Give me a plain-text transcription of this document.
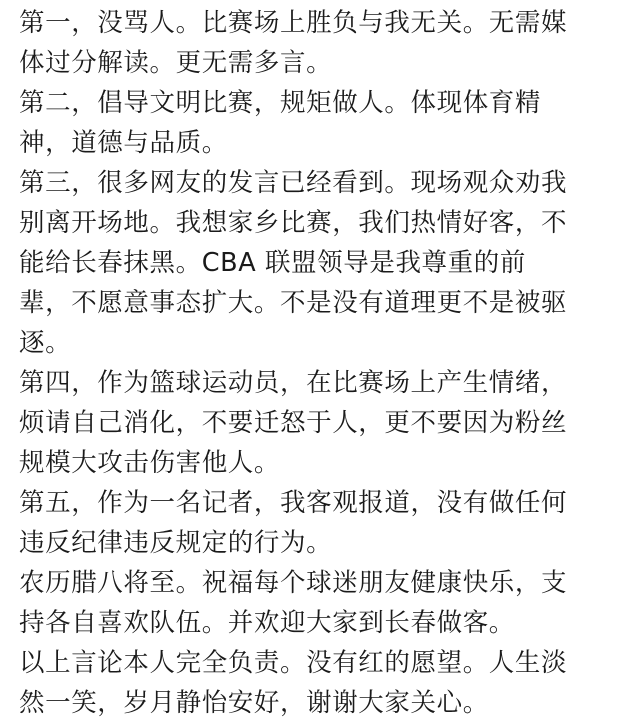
第一，没骂人。比赛场上胜负与我无关。无需媒
体过分解读。更无需多言。
第二，倡导文明比赛，规矩做人。体现体育精
神，道德与品质。
第三，很多网友的发言已经看到。现场观众劝我
别离开场地。我想家乡比赛，我们热情好客，不
能给长春抹黑。CBA 联盟领导是我尊重的前
辈，不愿意事态扩大。不是没有道理更不是被驱
逐。
第四，作为篮球运动员，在比赛场上产生情绪，
烦请自己消化，不要迁怒于人，更不要因为粉丝
规模大攻击伤害他人。
第五，作为一名记者，我客观报道，没有做任何
违反纪律违反规定的行为。
农历腊八将至。祝福每个球迷朋友健康快乐，支
持各自喜欢队伍。并欢迎大家到长春做客。
以上言论本人完全负责。没有红的愿望。人生淡
然一笑，岁月静怡安好，谢谢大家关心。
